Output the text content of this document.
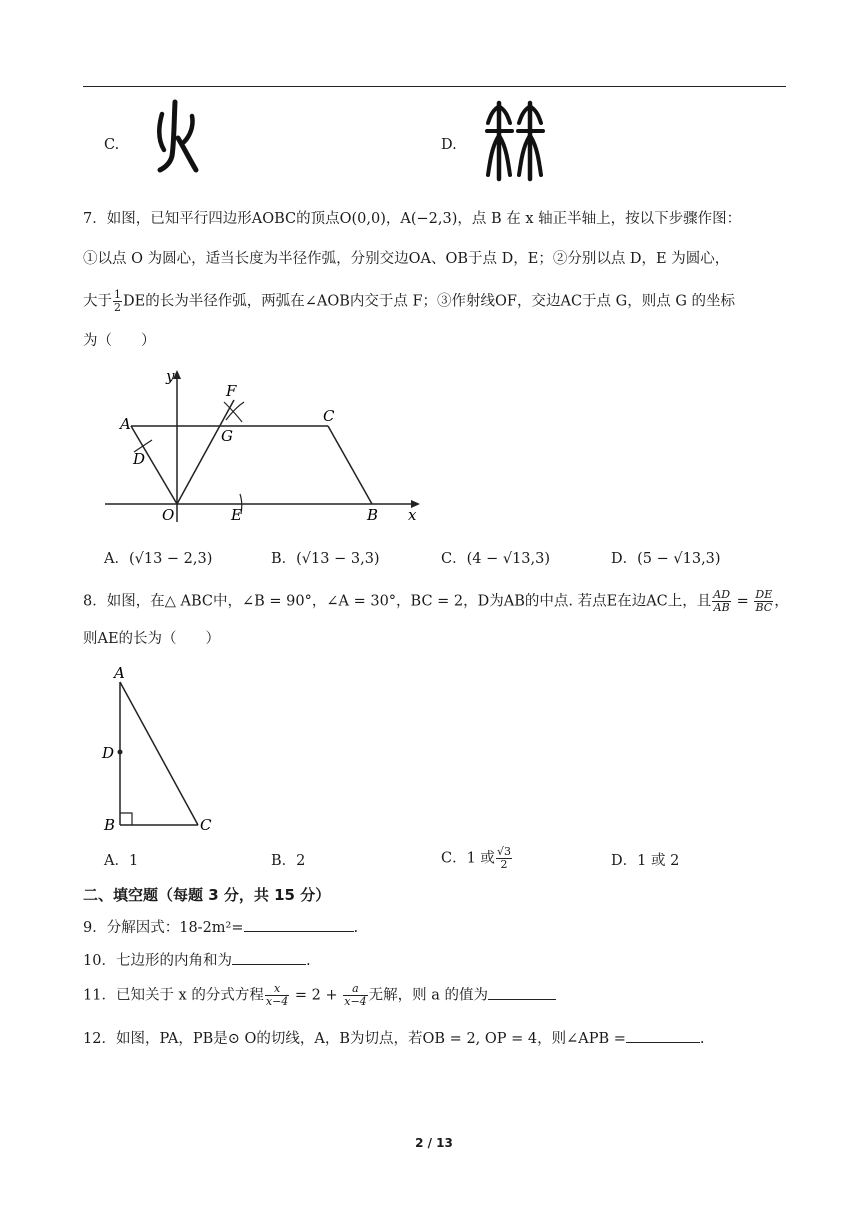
C.	D.
7．如图，已知平行四边形AOBC的顶点O(0,0)，A(−2,3)，点 B 在 x 轴正半轴上，按以下步骤作图：
①以点 O 为圆心，适当长度为半径作弧，分别交边OA、OB于点 D，E；②分别以点 D，E 为圆心，
大于 $\frac{1}{2}$ DE的长为半径作弧，两弧在∠AOB内交于点 F；③作射线OF，交边AC于点 G，则点 G 的坐标
为（　　）
y
x
F
A
G
C
D
O	E	B
A．(√13 − 2,3)	B．(√13 − 3,3)	C．(4 − √13,3)	D．(5 − √13,3)
8．如图，在△ ABC中，∠B = 90°，∠A = 30°，BC = 2，D为AB的中点. 若点E在边AC上，且 $\frac{AD}{AB} = \frac{DE}{BC}$ ，
则AE的长为（　　）
A
D
B	C
A．1	B．2	C．1 或 $\frac{√3}{2}$	D．1 或 2
二、填空题（每题 3 分，共 15 分）
9．分解因式：18-2m²=	.
10．七边形的内角和为	.
11．已知关于 x 的分式方程 $\frac{x}{x-4} = 2 + \frac{a}{x-4}$ 无解，则 a 的值为
12．如图，PA，PB是⊙ O的切线，A，B为切点，若OB = 2, OP = 4，则∠APB =	.
2 / 13
